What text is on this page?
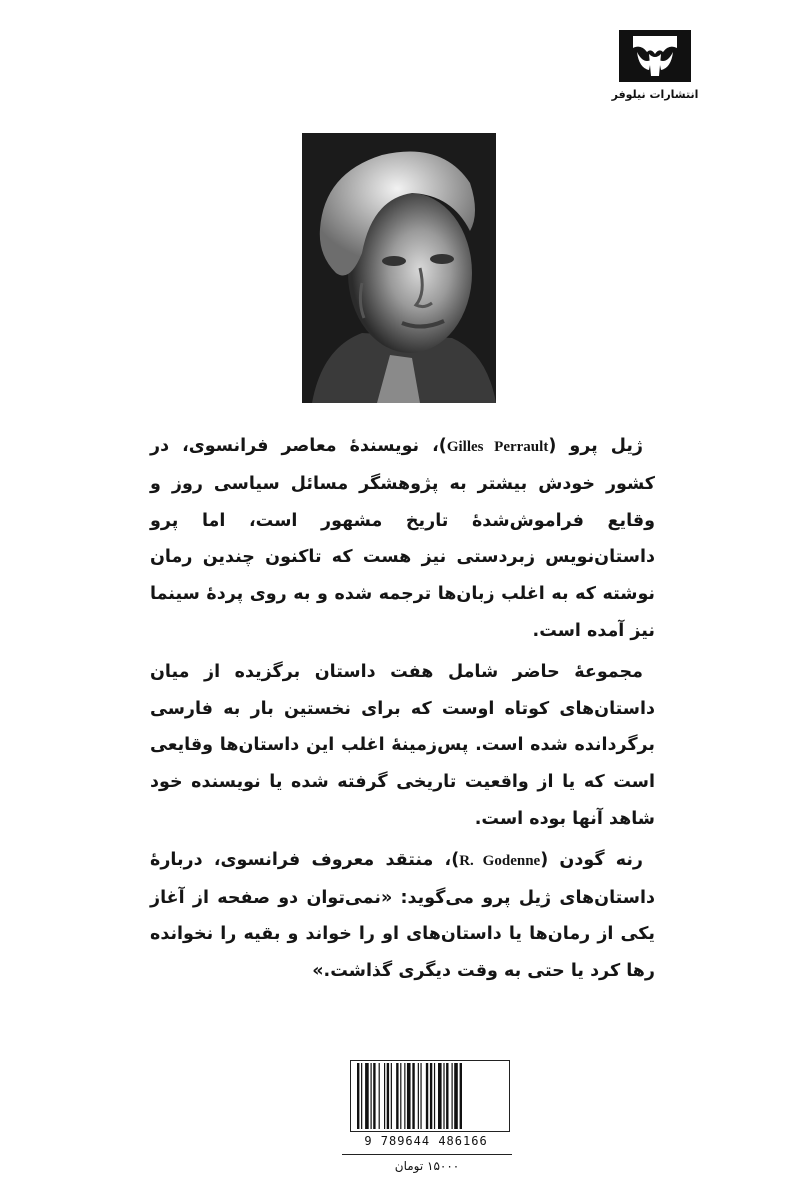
انتشارات نیلوفر

ژیل پرو (Gilles Perrault)، نویسندۀ معاصر فرانسوی، در کشور خودش بیشتر به پژوهشگر مسائل سیاسی روز و وقایع فراموش‌شدۀ تاریخ مشهور است، اما پرو داستان‌نویس زبردستی نیز هست که تاکنون چندین رمان نوشته که به اغلب زبان‌ها ترجمه شده و به روی پردۀ سینما نیز آمده است.

مجموعۀ حاضر شامل هفت داستان برگزیده از میان داستان‌های کوتاه اوست که برای نخستین بار به فارسی برگردانده شده است. پس‌زمینۀ اغلب این داستان‌ها وقایعی است که یا از واقعیت تاریخی گرفته شده یا نویسنده خود شاهد آنها بوده است.

رنه گودن (R. Godenne)، منتقد معروف فرانسوی، دربارۀ داستان‌های ژیل پرو می‌گوید: «نمی‌توان دو صفحه از آغاز یکی از رمان‌ها یا داستان‌های او را خواند و بقیه را نخوانده رها کرد یا حتی به وقت دیگری گذاشت.»

9 789644 486166
۱۵۰۰۰ تومان
